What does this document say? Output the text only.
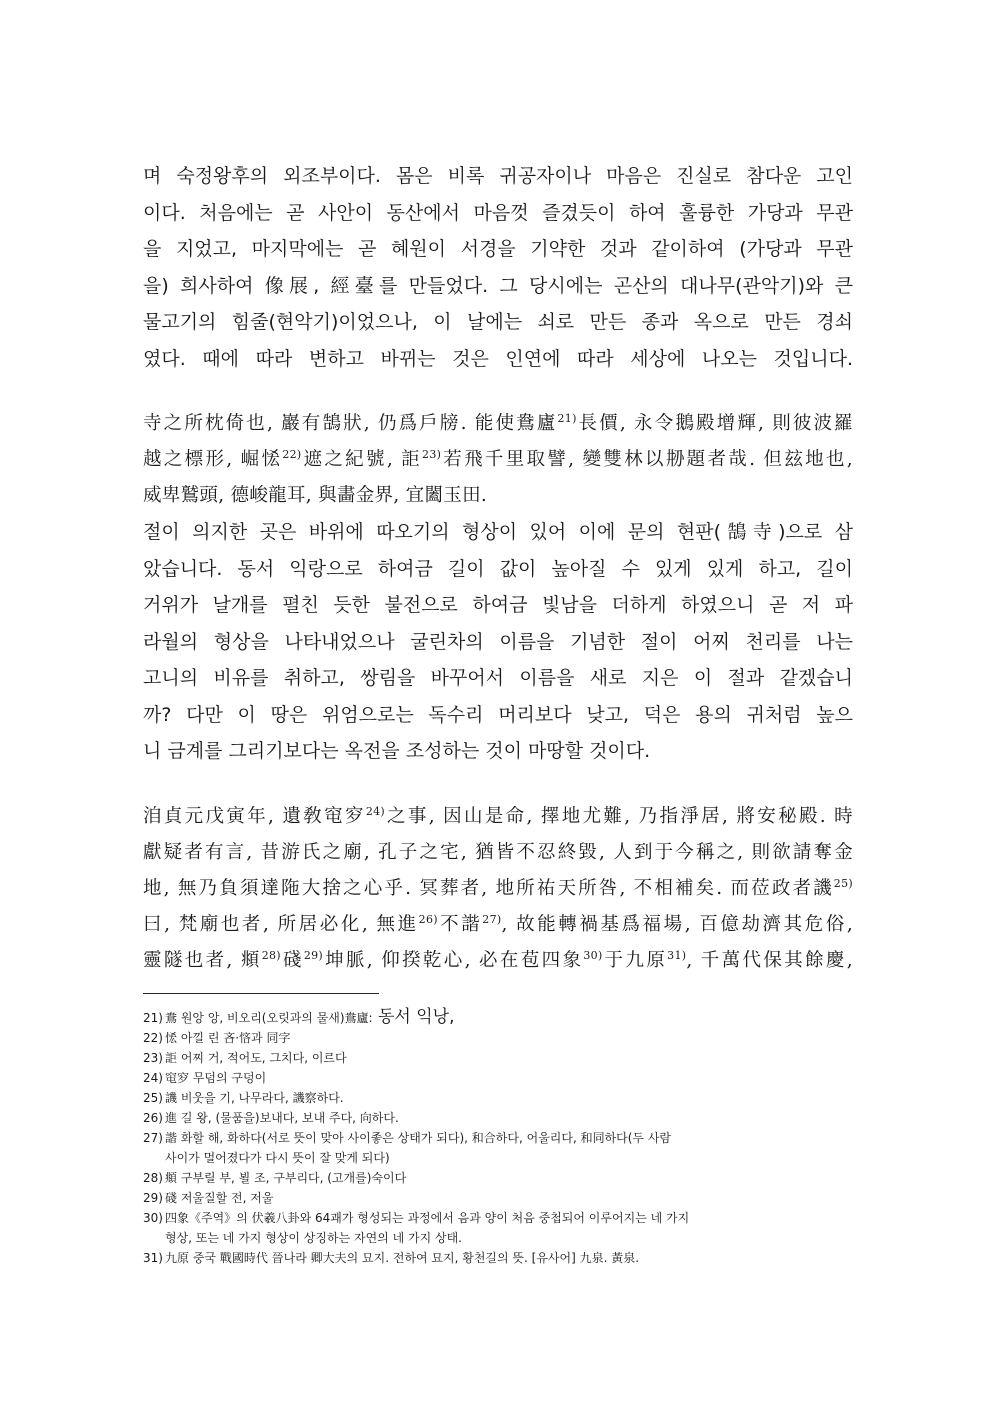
며 숙정왕후의 외조부이다. 몸은 비록 귀공자이나 마음은 진실로 참다운 고인
이다. 처음에는 곧 사안이 동산에서 마음껏 즐겼듯이 하여 훌륭한 가당과 무관
을 지었고, 마지막에는 곧 혜원이 서경을 기약한 것과 같이하여 (가당과 무관
을) 희사하여 像展, 經臺를 만들었다. 그 당시에는 곤산의 대나무(관악기)와 큰
물고기의 힘줄(현악기)이었으나, 이 날에는 쇠로 만든 종과 옥으로 만든 경쇠
였다. 때에 따라 변하고 바뀌는 것은 인연에 따라 세상에 나오는 것입니다.
寺之所枕倚也, 巖有鵠狀, 仍爲戶牓. 能使鴦廬$^{21)}$長價, 永令鵝殿增輝, 則彼波羅
越之標形, 崛恡$^{22)}$遮之紀號, 詎$^{23)}$若飛千里取譬, 變雙林以刱題者哉. 但玆地也,
威卑鷲頭, 德峻龍耳, 與畵金界, 宜闔玉田.
절이 의지한 곳은 바위에 따오기의 형상이 있어 이에 문의 현판(鵠寺)으로 삼
았습니다. 동서 익랑으로 하여금 길이 값이 높아질 수 있게 있게 하고, 길이
거위가 날개를 펼친 듯한 불전으로 하여금 빛남을 더하게 하였으니 곧 저 파
라월의 형상을 나타내었으나 굴린차의 이름을 기념한 절이 어찌 천리를 나는
고니의 비유를 취하고, 쌍림을 바꾸어서 이름을 새로 지은 이 절과 같겠습니
까? 다만 이 땅은 위엄으로는 독수리 머리보다 낮고, 덕은 용의 귀처럼 높으
니 금계를 그리기보다는 옥전을 조성하는 것이 마땅할 것이다.
洎貞元戊寅年, 遺敎窀穸$^{24)}$之事, 因山是命, 擇地尤難, 乃指淨居, 將安秘殿. 時
獻疑者有言, 昔游氏之廟, 孔子之宅, 猶皆不忍終毀, 人到于今稱之, 則欲請奪金
地, 無乃負須達陁大捨之心乎. 冥葬者, 地所祐天所咎, 不相補矣. 而莅政者譏$^{25)}$
曰, 梵廟也者, 所居必化, 無進$^{26)}$不諧$^{27)}$, 故能轉禍基爲福場, 百億劫濟其危俗,
靈隧也者, 頫$^{28)}$碊$^{29)}$坤脈, 仰揆乾心, 必在苞四象$^{30)}$于九原$^{31)}$, 千萬代保其餘慶,
21) 鴦 원앙 앙, 비오리(오릿과의 물새)鴦廬: 동서 익낭,
22) 恡 아낄 린 吝·悋과 同字
23) 詎 어찌 거, 적어도, 그치다, 이르다
24) 窀穸 무덤의 구덩이
25) 譏 비웃을 기, 나무라다, 譏察하다.
26) 進 길 왕, (물품을)보내다, 보내 주다, 向하다.
27) 諧 화할 해, 화하다(서로 뜻이 맞아 사이좋은 상태가 되다), 和合하다, 어울리다, 和同하다(두 사람
사이가 멀어졌다가 다시 뜻이 잘 맞게 되다)
28) 頫 구부릴 부, 뵐 조, 구부리다, (고개를)숙이다
29) 碊 저울질할 전, 저울
30) 四象《주역》의 伏羲八卦와 64괘가 형성되는 과정에서 음과 양이 처음 중첩되어 이루어지는 네 가지
형상, 또는 네 가지 형상이 상징하는 자연의 네 가지 상태.
31) 九原 중국 戰國時代 晉나라 卿大夫의 묘지. 전하여 묘지, 황천길의 뜻. [유사어] 九泉. 黃泉.
